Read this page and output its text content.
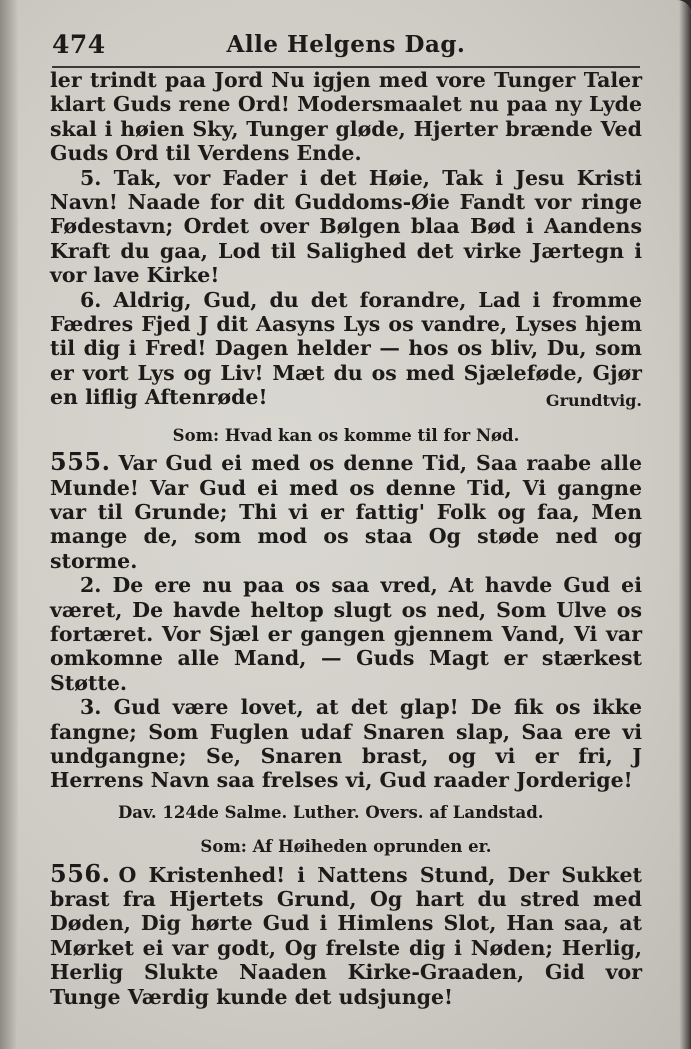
474	Alle Helgens Dag.

ler trindt paa Jord Nu igjen med vore Tunger Taler klart Guds rene Ord! Modersmaalet nu paa ny Lyde skal i høien Sky, Tunger gløde, Hjerter brænde Ved Guds Ord til Verdens Ende.

5. Tak, vor Fader i det Høie, Tak i Jesu Kristi Navn! Naade for dit Guddoms-Øie Fandt vor ringe Fødestavn; Ordet over Bølgen blaa Bød i Aandens Kraft du gaa, Lod til Salighed det virke Jærtegn i vor lave Kirke!

6. Aldrig, Gud, du det forandre, Lad i fromme Fædres Fjed J dit Aasyns Lys os vandre, Lyses hjem til dig i Fred! Dagen helder — hos os bliv, Du, som er vort Lys og Liv! Mæt du os med Sjæleføde, Gjør en liflig Aftenrøde!	Grundtvig.

Som: Hvad kan os komme til for Nød.

555. Var Gud ei med os denne Tid, Saa raabe alle Munde! Var Gud ei med os denne Tid, Vi gangne var til Grunde; Thi vi er fattig' Folk og faa, Men mange de, som mod os staa Og støde ned og storme.

2. De ere nu paa os saa vred, At havde Gud ei været, De havde heltop slugt os ned, Som Ulve os fortæret. Vor Sjæl er gangen gjennem Vand, Vi var omkomne alle Mand, — Guds Magt er stærkest Støtte.

3. Gud være lovet, at det glap! De fik os ikke fangne; Som Fuglen udaf Snaren slap, Saa ere vi undgangne; Se, Snaren brast, og vi er fri, J Herrens Navn saa frelses vi, Gud raader Jorderige!

Dav. 124de Salme. Luther. Overs. af Landstad.
Som: Af Høiheden oprunden er.

556. O Kristenhed! i Nattens Stund, Der Sukket brast fra Hjertets Grund, Og hart du stred med Døden, Dig hørte Gud i Himlens Slot, Han saa, at Mørket ei var godt, Og frelste dig i Nøden; Herlig, Herlig Slukte Naaden Kirke-Graaden, Gid vor Tunge Værdig kunde det udsjunge!
